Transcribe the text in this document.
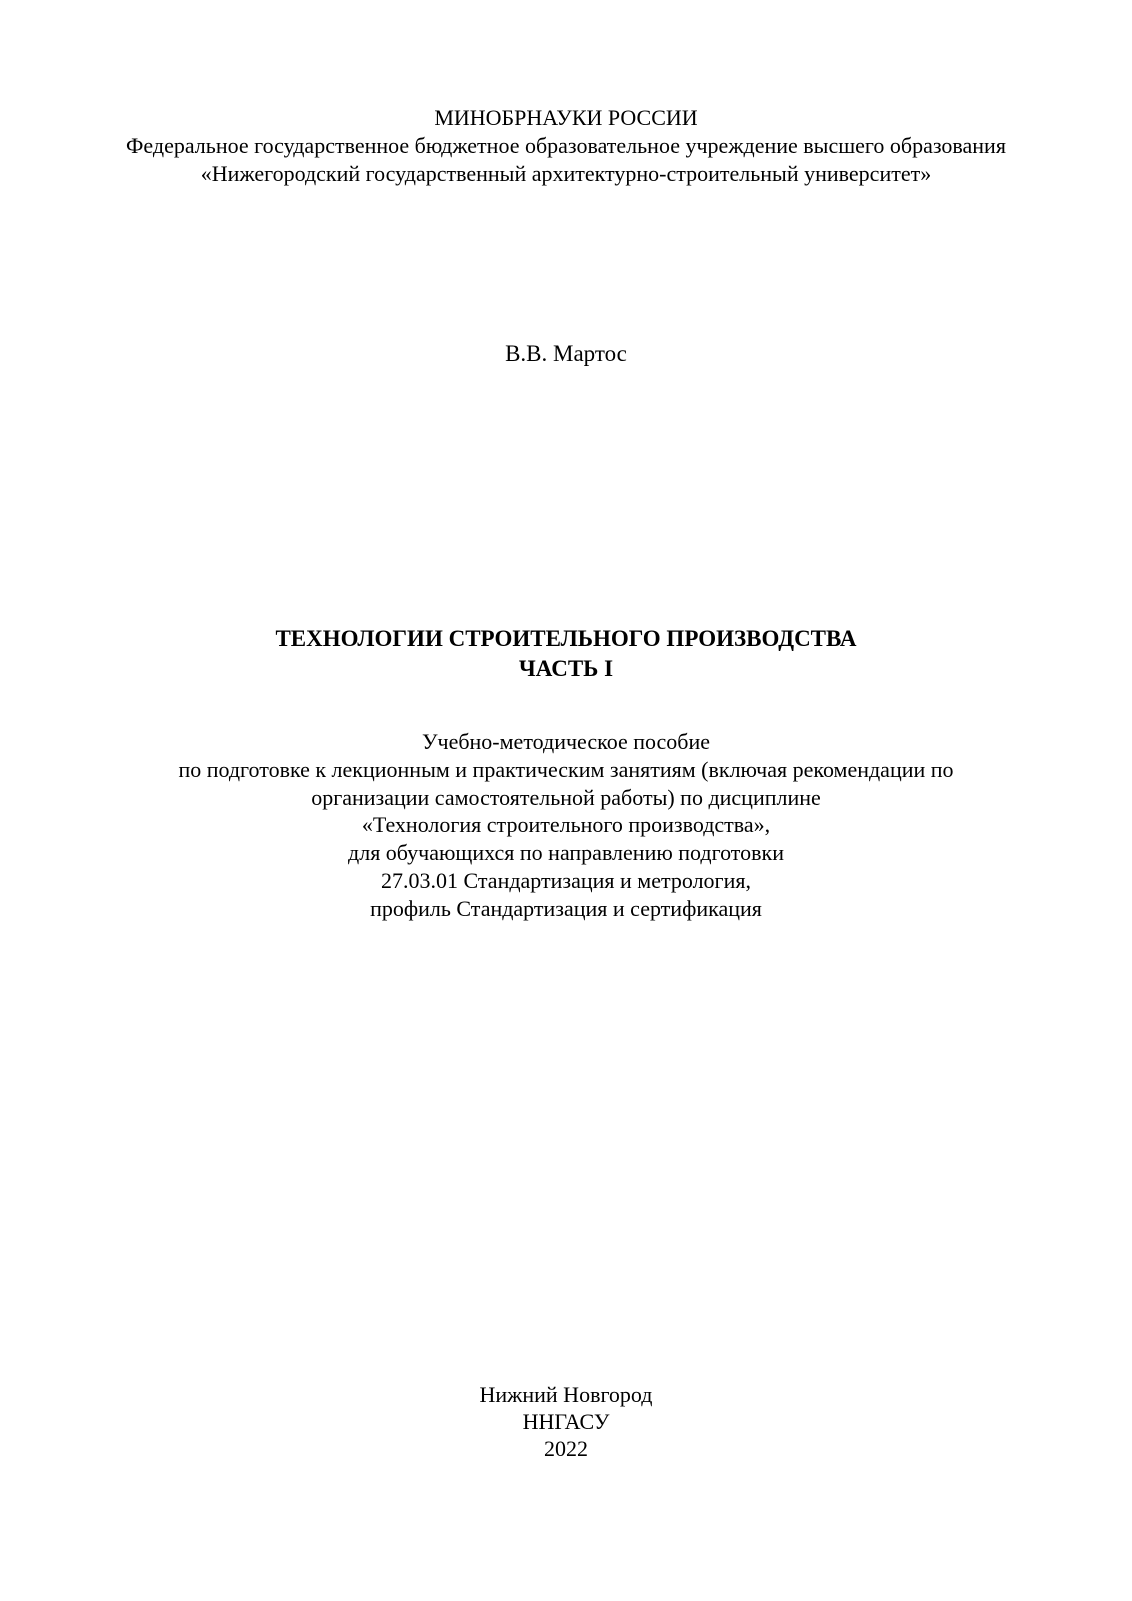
МИНОБРНАУКИ РОССИИ
Федеральное государственное бюджетное образовательное учреждение высшего образования
«Нижегородский государственный архитектурно-строительный университет»
В.В. Мартос
ТЕХНОЛОГИИ СТРОИТЕЛЬНОГО ПРОИЗВОДСТВА
ЧАСТЬ I
Учебно-методическое пособие
по подготовке к лекционным и практическим занятиям (включая рекомендации по
организации самостоятельной работы) по дисциплине
«Технология строительного производства»,
для обучающихся по направлению подготовки
27.03.01 Стандартизация и метрология,
профиль Стандартизация и сертификация
Нижний Новгород
ННГАСУ
2022
